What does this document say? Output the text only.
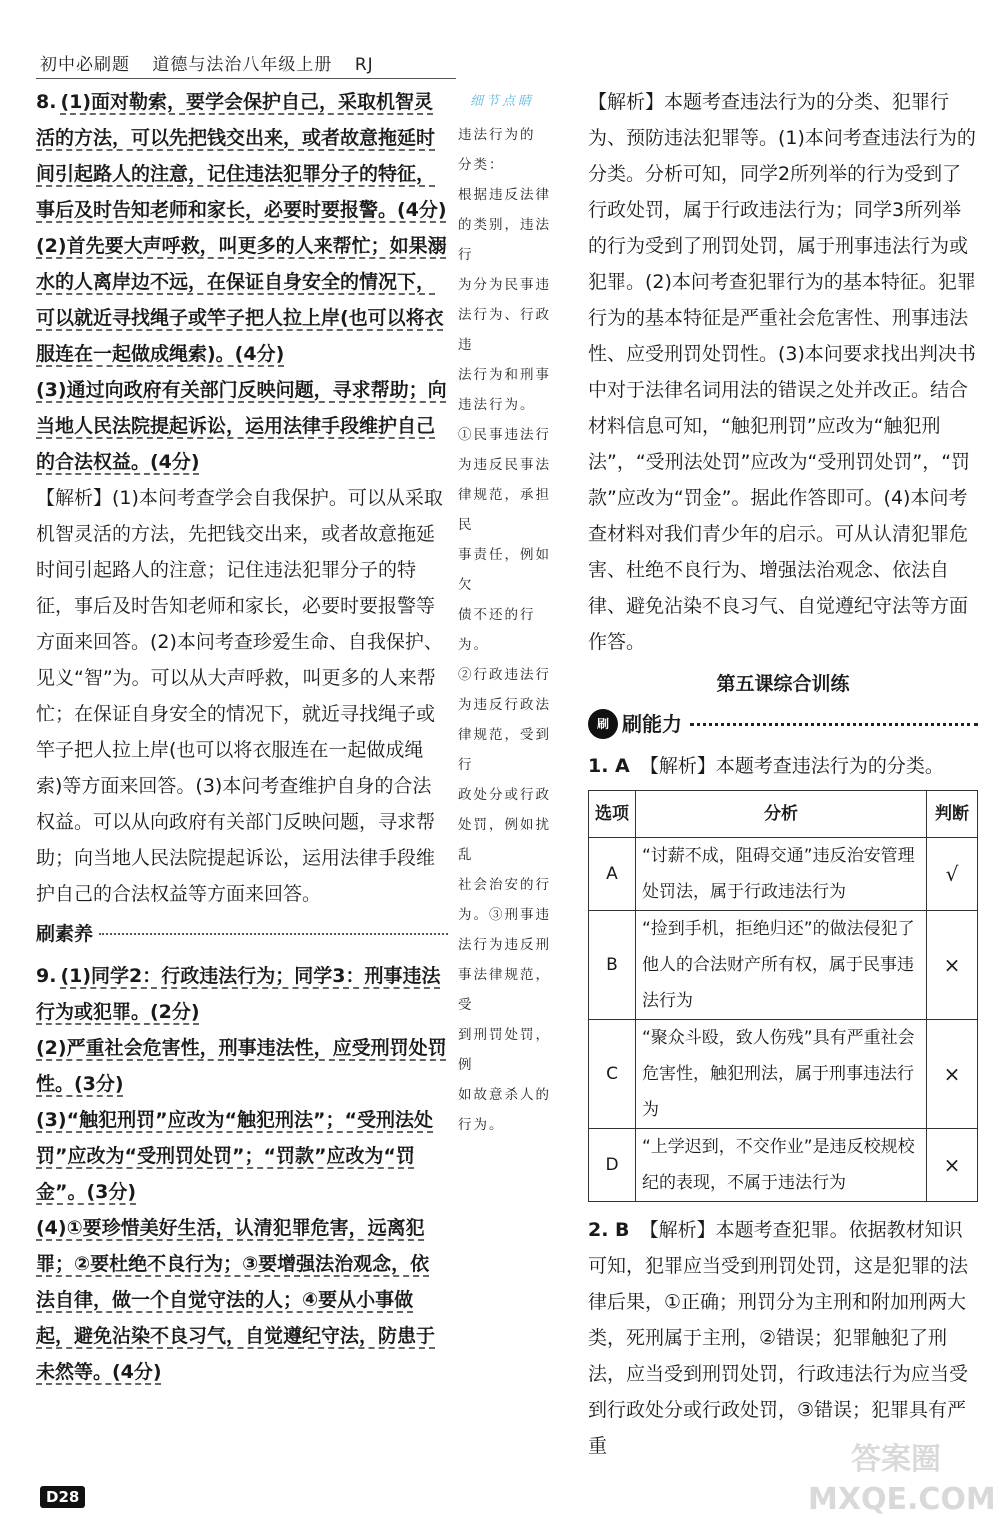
初中必刷题 道德与法治八年级上册 RJ

8. (1)面对勒索，要学会保护自己，采取机智灵活的方法，可以先把钱交出来，或者故意拖延时间引起路人的注意，记住违法犯罪分子的特征，事后及时告知老师和家长，必要时要报警。(4分)

(2)首先要大声呼救，叫更多的人来帮忙；如果溺水的人离岸边不远，在保证自身安全的情况下，可以就近寻找绳子或竿子把人拉上岸(也可以将衣服连在一起做成绳索)。(4分)

(3)通过向政府有关部门反映问题，寻求帮助；向当地人民法院提起诉讼，运用法律手段维护自己的合法权益。(4分)

【解析】(1)本问考查学会自我保护。可以从采取机智灵活的方法，先把钱交出来，或者故意拖延时间引起路人的注意；记住违法犯罪分子的特征，事后及时告知老师和家长，必要时要报警等方面来回答。(2)本问考查珍爱生命、自我保护、见义“智”为。可以从大声呼救，叫更多的人来帮忙；在保证自身安全的情况下，就近寻找绳子或竿子把人拉上岸(也可以将衣服连在一起做成绳索)等方面来回答。(3)本问考查维护自身的合法权益。可以从向政府有关部门反映问题，寻求帮助；向当地人民法院提起诉讼，运用法律手段维护自己的合法权益等方面来回答。

刷素养

9. (1)同学2：行政违法行为；同学3：刑事违法行为或犯罪。(2分)

(2)严重社会危害性，刑事违法性，应受刑罚处罚性。(3分)

(3)“触犯刑罚”应改为“触犯刑法”；“受刑法处罚”应改为“受刑罚处罚”；“罚款”应改为“罚金”。(3分)

(4)①要珍惜美好生活，认清犯罪危害，远离犯罪；②要杜绝不良行为；③要增强法治观念，依法自律，做一个自觉守法的人；④要从小事做起，避免沾染不良习气，自觉遵纪守法，防患于未然等。(4分)

细节点睛
违法行为的
分类：
根据违反法律
的类别，违法行
为分为民事违
法行为、行政违
法行为和刑事
违法行为。
①民事违法行
为违反民事法
律规范，承担民
事责任，例如欠
债不还的行为。
②行政违法行
为违反行政法
律规范，受到行
政处分或行政
处罚，例如扰乱
社会治安的行
为。③刑事违
法行为违反刑
事法律规范，受
到刑罚处罚，例
如故意杀人的
行为。

【解析】本题考查违法行为的分类、犯罪行为、预防违法犯罪等。(1)本问考查违法行为的分类。分析可知，同学2所列举的行为受到了行政处罚，属于行政违法行为；同学3所列举的行为受到了刑罚处罚，属于刑事违法行为或犯罪。(2)本问考查犯罪行为的基本特征。犯罪行为的基本特征是严重社会危害性、刑事违法性、应受刑罚处罚性。(3)本问要求找出判决书中对于法律名词用法的错误之处并改正。结合材料信息可知，“触犯刑罚”应改为“触犯刑法”，“受刑法处罚”应改为“受刑罚处罚”，“罚款”应改为“罚金”。据此作答即可。(4)本问考查材料对我们青少年的启示。可从认清犯罪危害、杜绝不良行为、增强法治观念、依法自律、避免沾染不良习气、自觉遵纪守法等方面作答。

第五课综合训练
刷 刷能力

1. A 【解析】本题考查违法行为的分类。

选项	分析	判断
A	“讨薪不成，阻碍交通”违反治安管理处罚法，属于行政违法行为	√
B	“捡到手机，拒绝归还”的做法侵犯了他人的合法财产所有权，属于民事违法行为	×
C	“聚众斗殴，致人伤残”具有严重社会危害性，触犯刑法，属于刑事违法行为	×
D	“上学迟到，不交作业”是违反校规校纪的表现，不属于违法行为	×

2. B 【解析】本题考查犯罪。依据教材知识可知，犯罪应当受到刑罚处罚，这是犯罪的法律后果，①正确；刑罚分为主刑和附加刑两大类，死刑属于主刑，②错误；犯罪触犯了刑法，应当受到刑罚处罚，行政违法行为应当受到行政处分或行政处罚，③错误；犯罪具有严重

D28
答案圈
MXQE.COM
